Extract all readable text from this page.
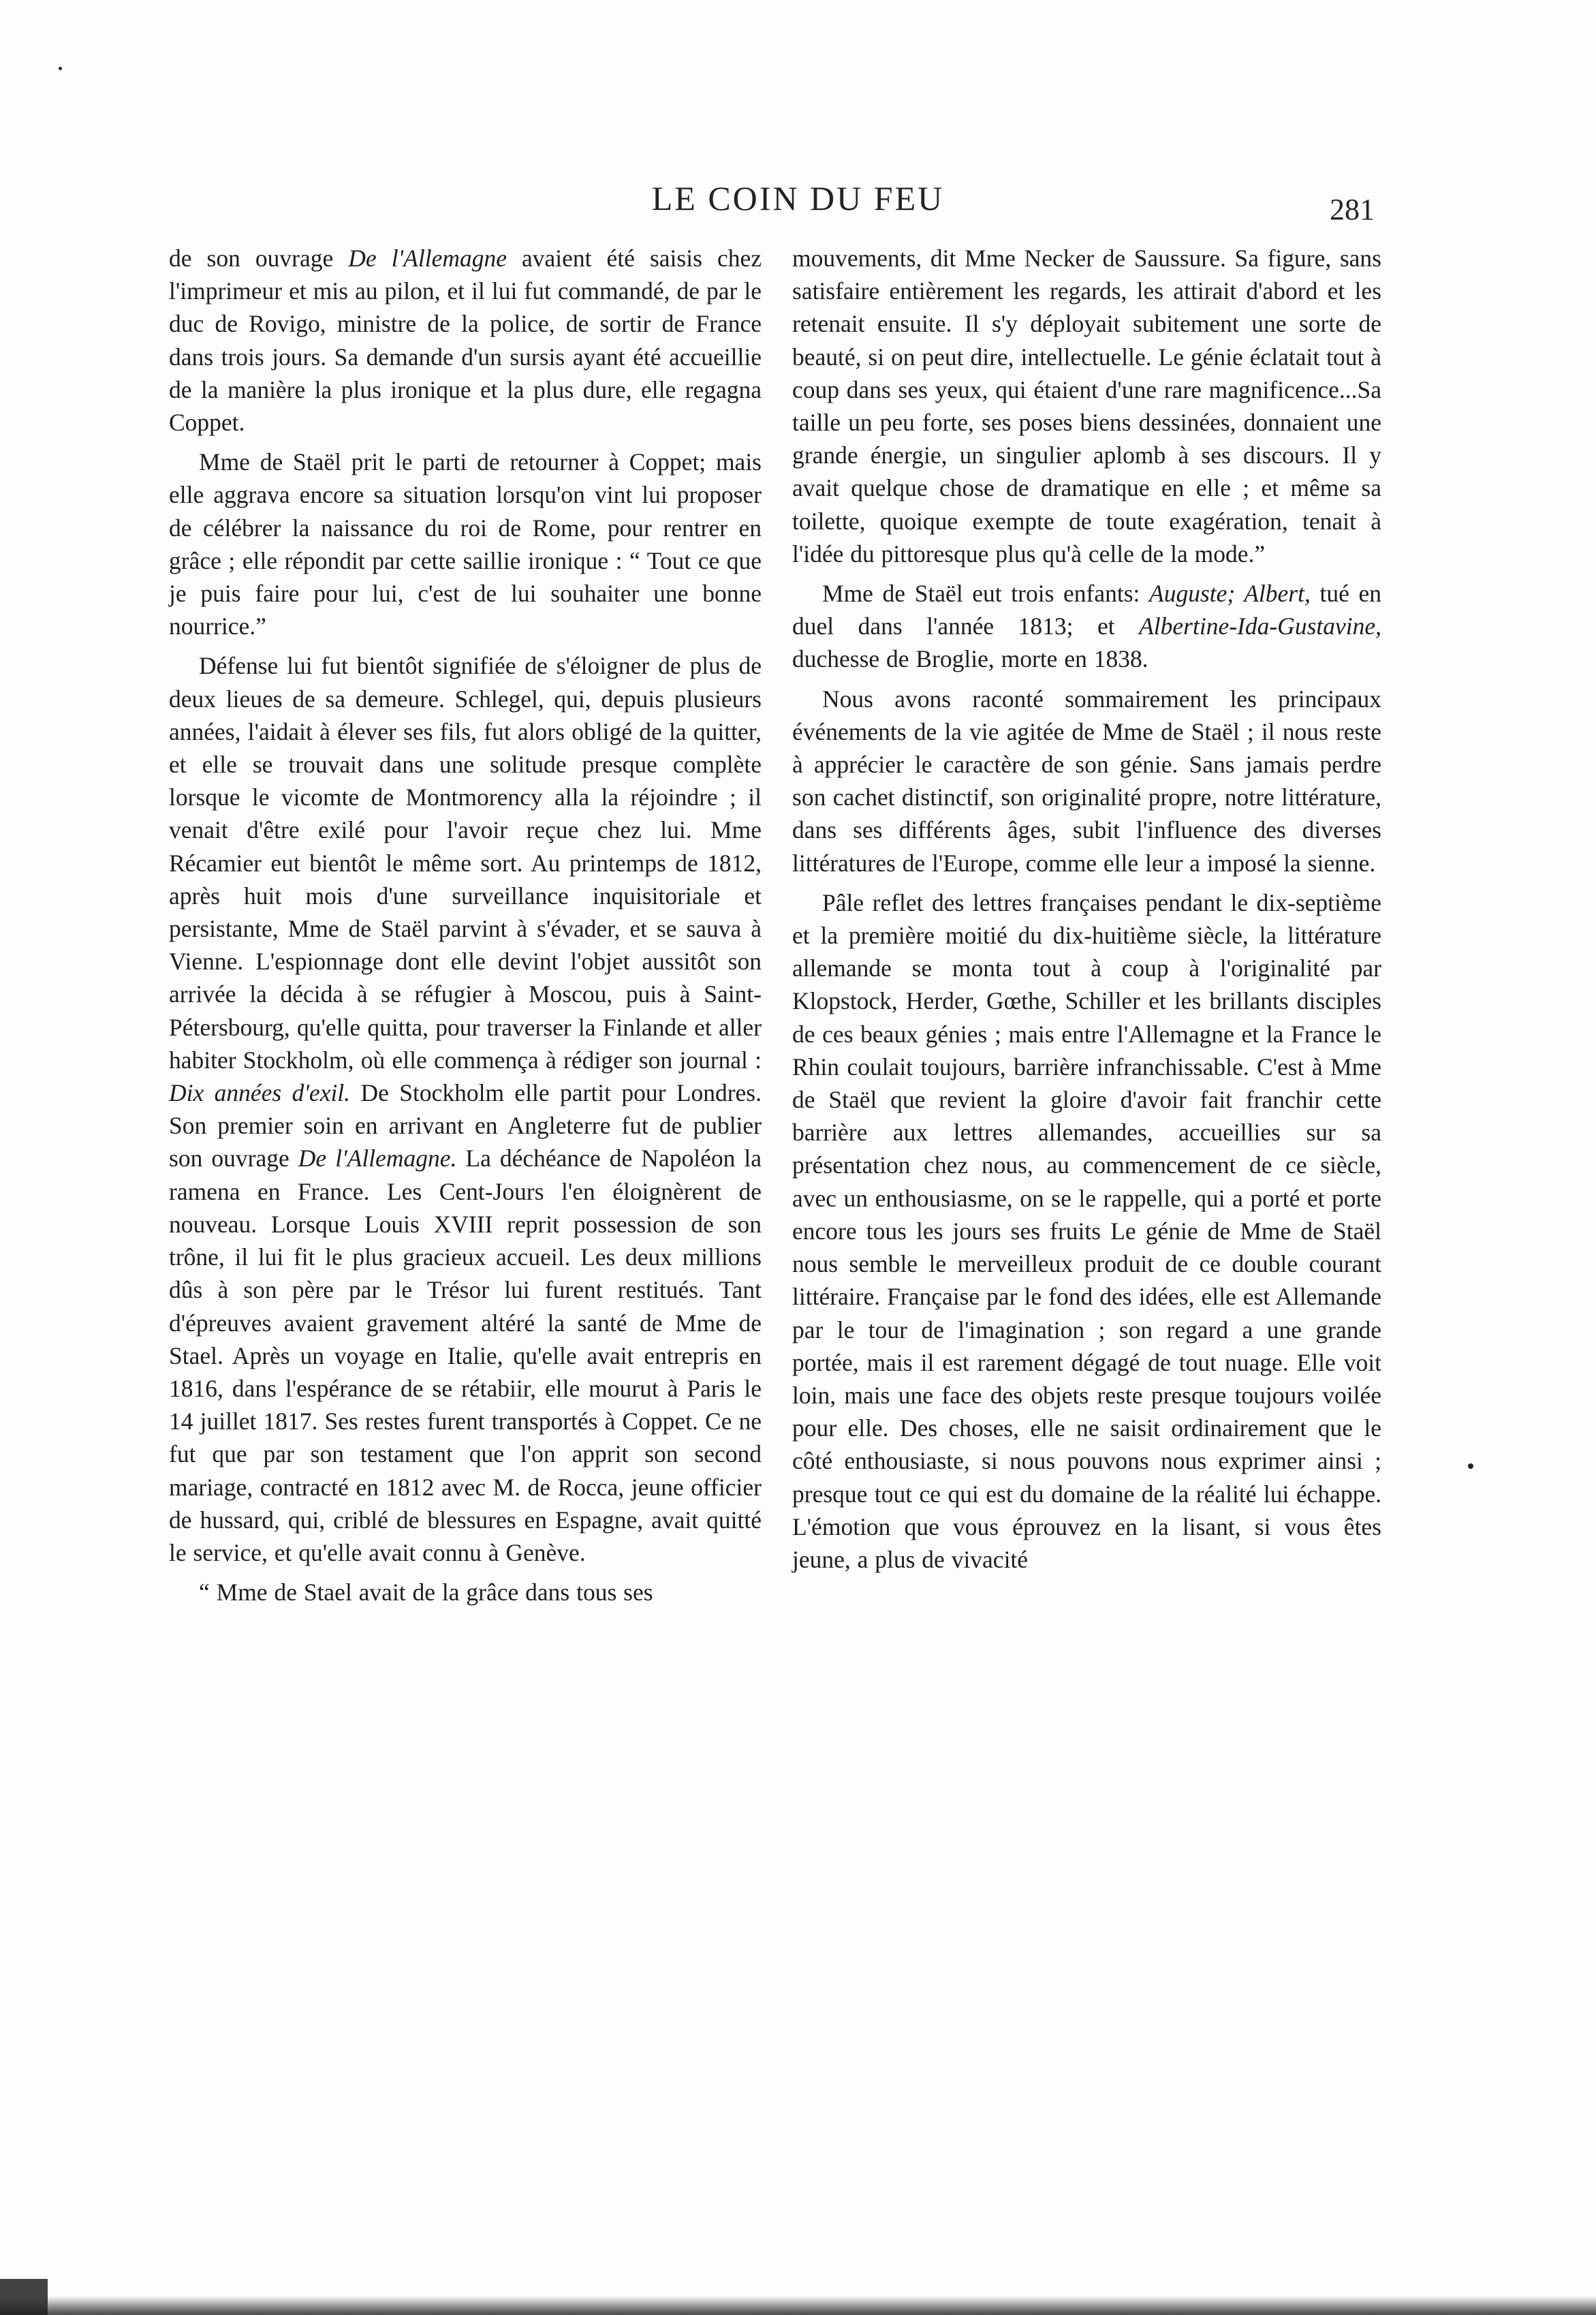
LE COIN DU FEU	281

de son ouvrage De l'Allemagne avaient été saisis chez l'imprimeur et mis au pilon, et il lui fut commandé, de par le duc de Rovigo, ministre de la police, de sortir de France dans trois jours. Sa demande d'un sursis ayant été accueillie de la manière la plus ironique et la plus dure, elle regagna Coppet.

Mme de Staël prit le parti de retourner à Coppet; mais elle aggrava encore sa situation lorsqu'on vint lui proposer de célébrer la naissance du roi de Rome, pour rentrer en grâce ; elle répondit par cette saillie ironique : “ Tout ce que je puis faire pour lui, c'est de lui souhaiter une bonne nourrice.”

Défense lui fut bientôt signifiée de s'éloigner de plus de deux lieues de sa demeure. Schlegel, qui, depuis plusieurs années, l'aidait à élever ses fils, fut alors obligé de la quitter, et elle se trouvait dans une solitude presque complète lorsque le vicomte de Montmorency alla la réjoindre ; il venait d'être exilé pour l'avoir reçue chez lui. Mme Récamier eut bientôt le même sort. Au printemps de 1812, après huit mois d'une surveillance inquisitoriale et persistante, Mme de Staël parvint à s'évader, et se sauva à Vienne. L'espionnage dont elle devint l'objet aussitôt son arrivée la décida à se réfugier à Moscou, puis à Saint-Pétersbourg, qu'elle quitta, pour traverser la Finlande et aller habiter Stockholm, où elle commença à rédiger son journal : Dix années d'exil. De Stockholm elle partit pour Londres. Son premier soin en arrivant en Angleterre fut de publier son ouvrage De l'Allemagne. La déchéance de Napoléon la ramena en France. Les Cent-Jours l'en éloignèrent de nouveau. Lorsque Louis XVIII reprit possession de son trône, il lui fit le plus gracieux accueil. Les deux millions dûs à son père par le Trésor lui furent restitués. Tant d'épreuves avaient gravement altéré la santé de Mme de Stael. Après un voyage en Italie, qu'elle avait entrepris en 1816, dans l'espérance de se rétabiir, elle mourut à Paris le 14 juillet 1817. Ses restes furent transportés à Coppet. Ce ne fut que par son testament que l'on apprit son second mariage, contracté en 1812 avec M. de Rocca, jeune officier de hussard, qui, criblé de blessures en Espagne, avait quitté le service, et qu'elle avait connu à Genève.

“ Mme de Stael avait de la grâce dans tous ses

mouvements, dit Mme Necker de Saussure. Sa figure, sans satisfaire entièrement les regards, les attirait d'abord et les retenait ensuite. Il s'y déployait subitement une sorte de beauté, si on peut dire, intellectuelle. Le génie éclatait tout à coup dans ses yeux, qui étaient d'une rare magnificence...Sa taille un peu forte, ses poses biens dessinées, donnaient une grande énergie, un singulier aplomb à ses discours. Il y avait quelque chose de dramatique en elle ; et même sa toilette, quoique exempte de toute exagération, tenait à l'idée du pittoresque plus qu'à celle de la mode.”

Mme de Staël eut trois enfants: Auguste; Albert, tué en duel dans l'année 1813; et Albertine-Ida-Gustavine, duchesse de Broglie, morte en 1838.

Nous avons raconté sommairement les principaux événements de la vie agitée de Mme de Staël ; il nous reste à apprécier le caractère de son génie. Sans jamais perdre son cachet distinctif, son originalité propre, notre littérature, dans ses différents âges, subit l'influence des diverses littératures de l'Europe, comme elle leur a imposé la sienne.

Pâle reflet des lettres françaises pendant le dix-septième et la première moitié du dix-huitième siècle, la littérature allemande se monta tout à coup à l'originalité par Klopstock, Herder, Gœthe, Schiller et les brillants disciples de ces beaux génies ; mais entre l'Allemagne et la France le Rhin coulait toujours, barrière infranchissable. C'est à Mme de Staël que revient la gloire d'avoir fait franchir cette barrière aux lettres allemandes, accueillies sur sa présentation chez nous, au commencement de ce siècle, avec un enthousiasme, on se le rappelle, qui a porté et porte encore tous les jours ses fruits Le génie de Mme de Staël nous semble le merveilleux produit de ce double courant littéraire. Française par le fond des idées, elle est Allemande par le tour de l'imagination ; son regard a une grande portée, mais il est rarement dégagé de tout nuage. Elle voit loin, mais une face des objets reste presque toujours voilée pour elle. Des choses, elle ne saisit ordinairement que le côté enthousiaste, si nous pouvons nous exprimer ainsi ; presque tout ce qui est du domaine de la réalité lui échappe. L'émotion que vous éprouvez en la lisant, si vous êtes jeune, a plus de vivacité
